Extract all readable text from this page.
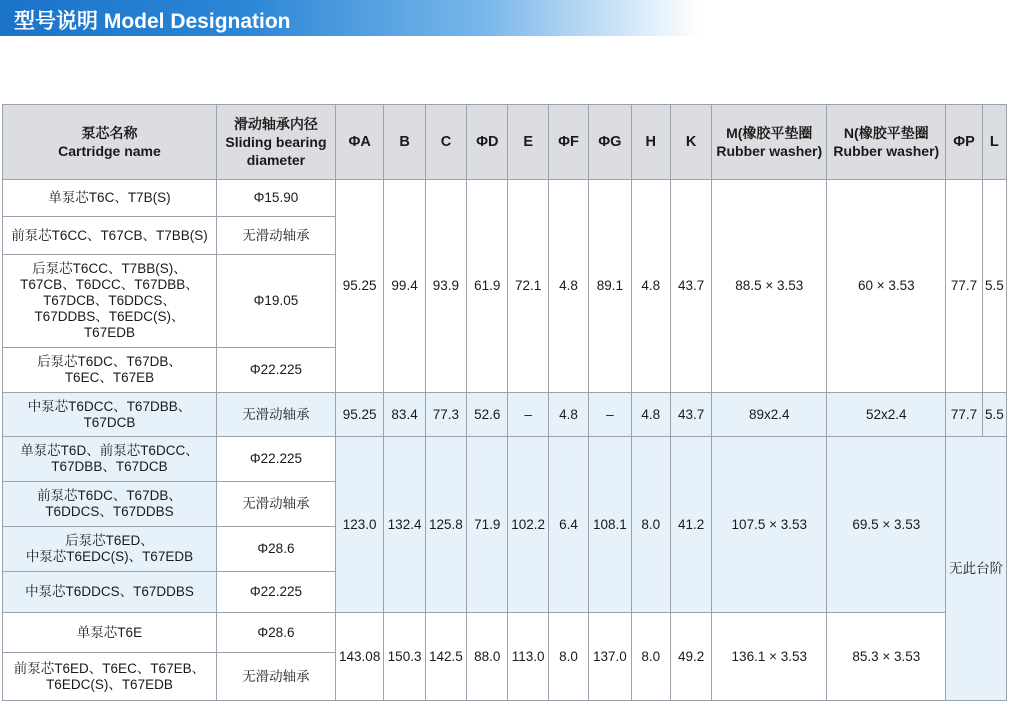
型号说明 Model Designation
泵芯名称
Cartridge name	滑动轴承内径
Sliding bearing
diameter	ΦA	B	C	ΦD	E	ΦF	ΦG	H	K	M(橡胶平垫圈
Rubber washer)	N(橡胶平垫圈
Rubber washer)	ΦP	L
单泵芯T6C、T7B(S)	Φ15.90	95.25	99.4	93.9	61.9	72.1	4.8	89.1	4.8	43.7	88.5 × 3.53	60 × 3.53	77.7	5.5
前泵芯T6CC、T67CB、T7BB(S)	无滑动轴承													
后泵芯T6CC、T7BB(S)、
T67CB、T6DCC、T67DBB、
T67DCB、T6DDCS、
T67DDBS、T6EDC(S)、
T67EDB	Φ19.05													
后泵芯T6DC、T67DB、
T6EC、T67EB	Φ22.225													
中泵芯T6DCC、T67DBB、
T67DCB	无滑动轴承	95.25	83.4	77.3	52.6	–	4.8	–	4.8	43.7	89x2.4	52x2.4	77.7	5.5
单泵芯T6D、前泵芯T6DCC、
T67DBB、T67DCB	Φ22.225	123.0	132.4	125.8	71.9	102.2	6.4	108.1	8.0	41.2	107.5 × 3.53	69.5 × 3.53	无此台阶	
前泵芯T6DC、T67DB、
T6DDCS、T67DDBS	无滑动轴承													
后泵芯T6ED、
中泵芯T6EDC(S)、T67EDB	Φ28.6													
中泵芯T6DDCS、T67DDBS	Φ22.225													
单泵芯T6E	Φ28.6	143.08	150.3	142.5	88.0	113.0	8.0	137.0	8.0	49.2	136.1 × 3.53	85.3 × 3.53		
前泵芯T6ED、T6EC、T67EB、
T6EDC(S)、T67EDB	无滑动轴承													
